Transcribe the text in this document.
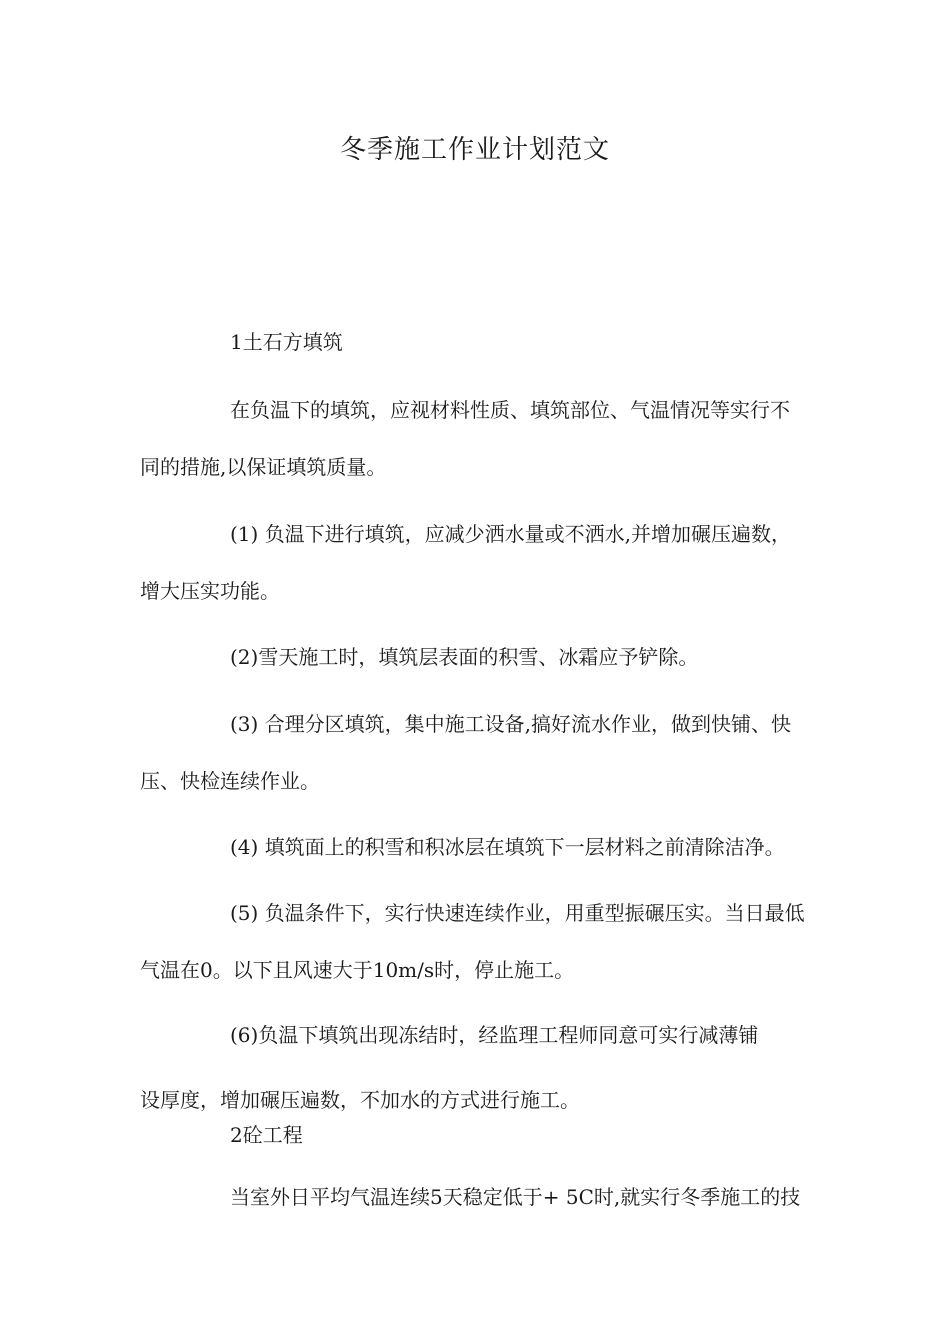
冬季施工作业计划范文
1土石方填筑
在负温下的填筑，应视材料性质、填筑部位、气温情况等实行不
同的措施,以保证填筑质量。
(1) 负温下进行填筑，应减少洒水量或不洒水,并增加碾压遍数，
增大压实功能。
(2)雪天施工时，填筑层表面的积雪、冰霜应予铲除。
(3) 合理分区填筑，集中施工设备,搞好流水作业，做到快铺、快
压、快检连续作业。
(4) 填筑面上的积雪和积冰层在填筑下一层材料之前清除洁净。
(5) 负温条件下，实行快速连续作业，用重型振碾压实。当日最低
气温在0。以下且风速大于10m/s时，停止施工。
(6)负温下填筑出现冻结时，经监理工程师同意可实行减薄铺
设厚度，增加碾压遍数，不加水的方式进行施工。
2砼工程
当室外日平均气温连续5天稳定低于+ 5C时,就实行冬季施工的技
